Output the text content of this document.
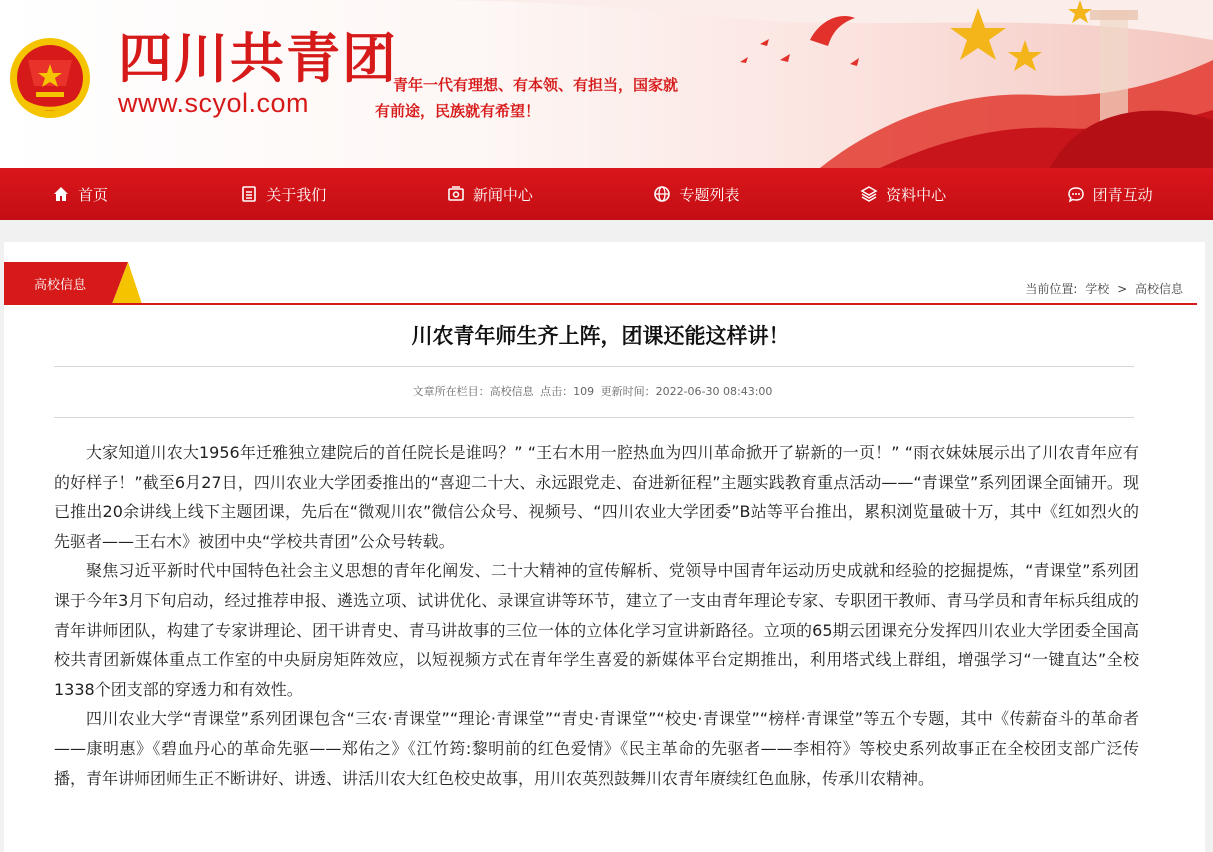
四川共青团
www.scyol.com
青年一代有理想、有本领、有担当，国家就
有前途，民族就有希望！
首页	关于我们	新闻中心	专题列表	资料中心	团青互动
高校信息	当前位置: 学校 > 高校信息
川农青年师生齐上阵，团课还能这样讲！
文章所在栏目：高校信息 点击：109 更新时间：2022-06-30 08:43:00

大家知道川农大1956年迁雅独立建院后的首任院长是谁吗？” “王右木用一腔热血为四川革命掀开了崭新的一页！” “雨衣妹妹展示出了川农青年应有的好样子！”截至6月27日，四川农业大学团委推出的“喜迎二十大、永远跟党走、奋进新征程”主题实践教育重点活动——“青课堂”系列团课全面铺开。现已推出20余讲线上线下主题团课，先后在“微观川农”微信公众号、视频号、“四川农业大学团委”B站等平台推出，累积浏览量破十万，其中《红如烈火的先驱者——王右木》被团中央“学校共青团”公众号转载。

聚焦习近平新时代中国特色社会主义思想的青年化阐发、二十大精神的宣传解析、党领导中国青年运动历史成就和经验的挖掘提炼，“青课堂”系列团课于今年3月下旬启动，经过推荐申报、遴选立项、试讲优化、录课宣讲等环节，建立了一支由青年理论专家、专职团干教师、青马学员和青年标兵组成的青年讲师团队，构建了专家讲理论、团干讲青史、青马讲故事的三位一体的立体化学习宣讲新路径。立项的65期云团课充分发挥四川农业大学团委全国高校共青团新媒体重点工作室的中央厨房矩阵效应，以短视频方式在青年学生喜爱的新媒体平台定期推出，利用塔式线上群组，增强学习“一键直达”全校1338个团支部的穿透力和有效性。

四川农业大学“青课堂”系列团课包含“三农·青课堂”“理论·青课堂”“青史·青课堂”“校史·青课堂”“榜样·青课堂”等五个专题，其中《传薪奋斗的革命者——康明惠》《碧血丹心的革命先驱——郑佑之》《江竹筠:黎明前的红色爱情》《民主革命的先驱者——李相符》等校史系列故事正在全校团支部广泛传播，青年讲师团师生正不断讲好、讲透、讲活川农大红色校史故事，用川农英烈鼓舞川农青年赓续红色血脉，传承川农精神。
